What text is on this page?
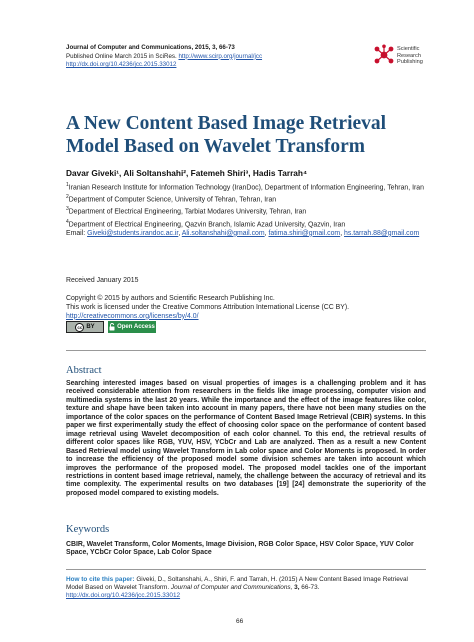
Journal of Computer and Communications, 2015, 3, 66-73
Published Online March 2015 in SciRes. http://www.scirp.org/journal/jcc
http://dx.doi.org/10.4236/jcc.2015.33012
Scientific
Research
Publishing
A New Content Based Image Retrieval Model Based on Wavelet Transform
Davar Giveki¹, Ali Soltanshahi², Fatemeh Shiri³, Hadis Tarrah⁴
$^1$Iranian Research Institute for Information Technology (IranDoc), Department of Information Engineering, Tehran, Iran
$^2$Department of Computer Science, University of Tehran, Tehran, Iran
$^3$Department of Electrical Engineering, Tarbiat Modares University, Tehran, Iran
$^4$Department of Electrical Engineering, Qazvin Branch, Islamic Azad University, Qazvin, Iran
Email: Giveki@students.irandoc.ac.ir, Ali.soltanshahi@gmail.com, fatima.shiri@gmail.com, hs.tarrah.88@gmail.com
Received January 2015
Copyright © 2015 by authors and Scientific Research Publishing Inc.
This work is licensed under the Creative Commons Attribution International License (CC BY).
http://creativecommons.org/licenses/by/4.0/
cc BY	Open Access
Abstract

Searching interested images based on visual properties of images is a challenging problem and it has received considerable attention from researchers in the fields like image processing, computer vision and multimedia systems in the last 20 years. While the importance and the effect of the image features like color, texture and shape have been taken into account in many papers, there have not been many studies on the importance of the color spaces on the performance of Content Based Image Retrieval (CBIR) systems. In this paper we first experimentally study the effect of choosing color space on the performance of content based image retrieval using Wavelet decomposition of each color channel. To this end, the retrieval results of different color spaces like RGB, YUV, HSV, YCbCr and Lab are analyzed. Then as a result a new Content Based Retrieval model using Wavelet Transform in Lab color space and Color Moments is proposed. In order to increase the efficiency of the proposed model some division schemes are taken into account which improves the performance of the proposed model. The proposed model tackles one of the important restrictions in content based image retrieval, namely, the challenge between the accuracy of retrieval and its time complexity. The experimental results on two databases [19] [24] demonstrate the superiority of the proposed model compared to existing models.

Keywords

CBIR, Wavelet Transform, Color Moments, Image Division, RGB Color Space, HSV Color Space, YUV Color Space, YCbCr Color Space, Lab Color Space

How to cite this paper: Giveki, D., Soltanshahi, A., Shiri, F. and Tarrah, H. (2015) A New Content Based Image Retrieval Model Based on Wavelet Transform. Journal of Computer and Communications, 3, 66-73.
http://dx.doi.org/10.4236/jcc.2015.33012
66
